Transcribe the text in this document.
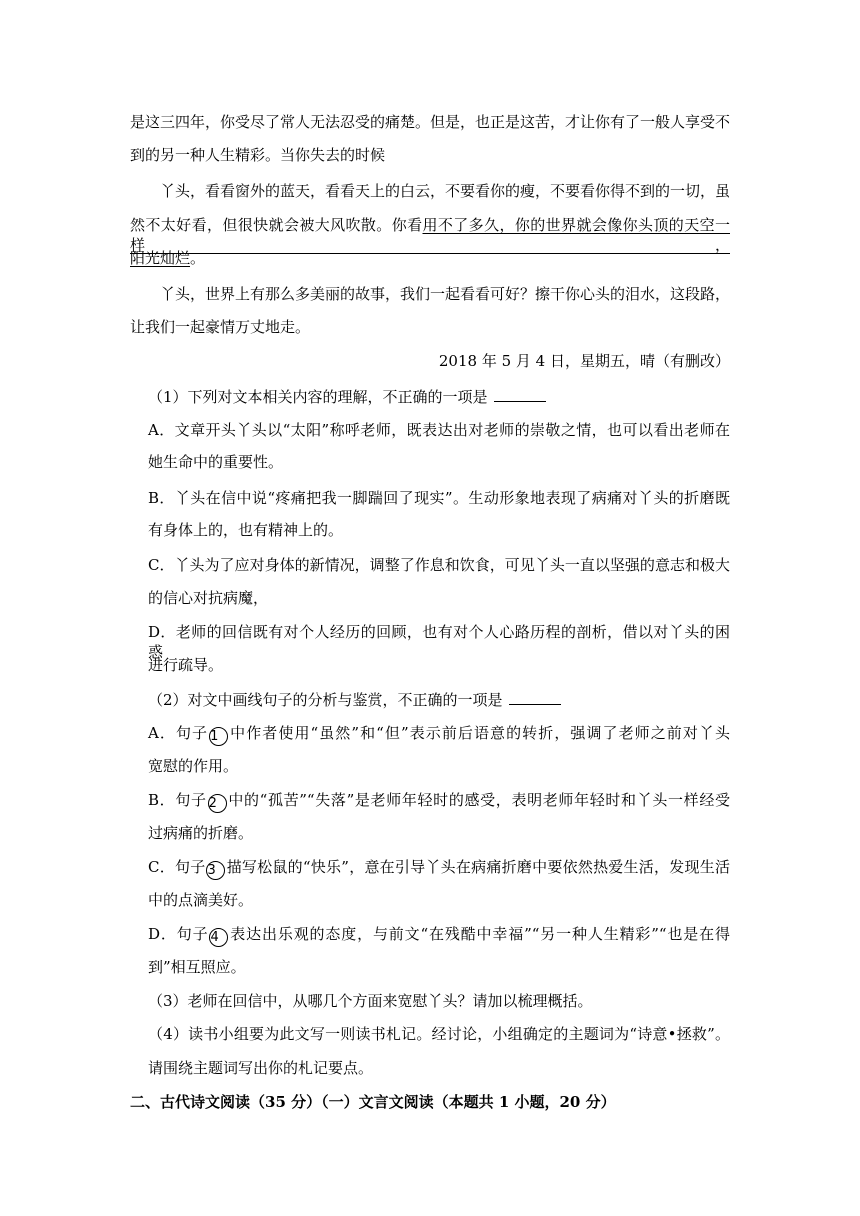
是这三四年，你受尽了常人无法忍受的痛楚。但是，也正是这苦，才让你有了一般人享受不
到的另一种人生精彩。当你失去的时候
丫头，看看窗外的蓝天，看看天上的白云，不要看你的瘦，不要看你得不到的一切，虽
然不太好看，但很快就会被大风吹散。你看用不了多久，你的世界就会像你头顶的天空一样，
阳光灿烂。
丫头，世界上有那么多美丽的故事，我们一起看看可好？擦干你心头的泪水，这段路，
让我们一起豪情万丈地走。
2018 年 5 月 4 日，星期五，晴（有删改）
（1）下列对文本相关内容的理解，不正确的一项是
A．文章开头丫头以“太阳”称呼老师，既表达出对老师的崇敬之情，也可以看出老师在
她生命中的重要性。
B．丫头在信中说“疼痛把我一脚踹回了现实”。生动形象地表现了病痛对丫头的折磨既
有身体上的，也有精神上的。
C．丫头为了应对身体的新情况，调整了作息和饮食，可见丫头一直以坚强的意志和极大
的信心对抗病魔，
D．老师的回信既有对个人经历的回顾，也有对个人心路历程的剖析，借以对丫头的困惑
进行疏导。
（2）对文中画线句子的分析与鉴赏，不正确的一项是
A．句子 1 中作者使用“虽然”和“但”表示前后语意的转折，强调了老师之前对丫头
宽慰的作用。
B．句子 2 中的“孤苦”“失落”是老师年轻时的感受，表明老师年轻时和丫头一样经受
过病痛的折磨。
C．句子 3 描写松鼠的“快乐”，意在引导丫头在病痛折磨中要依然热爱生活，发现生活
中的点滴美好。
D．句子 4 表达出乐观的态度，与前文“在残酷中幸福”“另一种人生精彩”“也是在得
到”相互照应。
（3）老师在回信中，从哪几个方面来宽慰丫头？请加以梳理概括。
（4）读书小组要为此文写一则读书札记。经讨论，小组确定的主题词为“诗意•拯救”。
请围绕主题词写出你的札记要点。
二、古代诗文阅读（35 分）（一）文言文阅读（本题共 1 小题，20 分）
